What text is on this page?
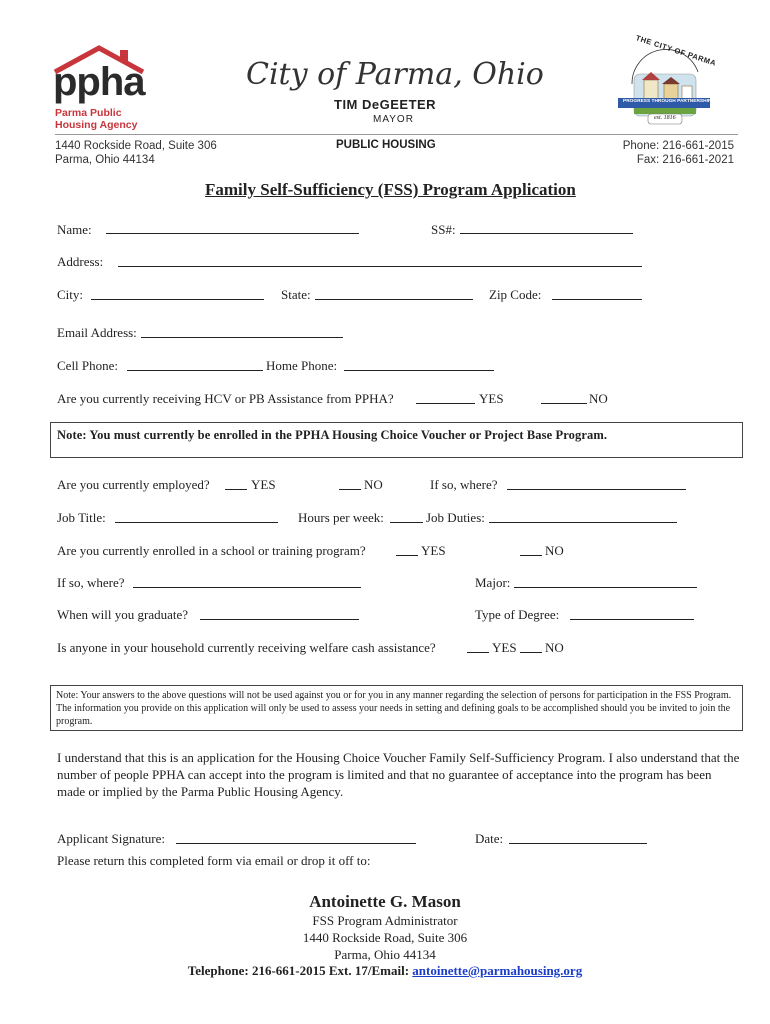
ppha
Parma Public
Housing Agency
City of Parma, Ohio
TIM DeGEETER
MAYOR
THE CITY OF PARMA
PROGRESS THROUGH PARTNERSHIPS
est. 1816
1440 Rockside Road, Suite 306
Parma, Ohio 44134
PUBLIC HOUSING	Phone: 216-661-2015
Fax: 216-661-2021
Family Self-Sufficiency (FSS) Program Application
Name:	SS#:
Address:
City:	State:	Zip Code:
Email Address:
Cell Phone:	Home Phone:
Are you currently receiving HCV or PB Assistance from PPHA?	YES	NO
Note: You must currently be enrolled in the PPHA Housing Choice Voucher or Project Base Program.
Are you currently employed?	YES	NO	If so, where?
Job Title:	Hours per week:	Job Duties:
Are you currently enrolled in a school or training program?	YES	NO
If so, where?	Major:
When will you graduate?	Type of Degree:
Is anyone in your household currently receiving welfare cash assistance?	YES NO
Note: Your answers to the above questions will not be used against you or for you in any manner regarding the selection of persons for participation in the FSS Program. The information you provide on this application will only be used to assess your needs in setting and defining goals to be accomplished should you be invited to join the program.
I understand that this is an application for the Housing Choice Voucher Family Self-Sufficiency Program. I also understand that the number of people PPHA can accept into the program is limited and that no guarantee of acceptance into the program has been made or implied by the Parma Public Housing Agency.
Applicant Signature:	Date:
Please return this completed form via email or drop it off to:
Antoinette G. Mason
FSS Program Administrator
1440 Rockside Road, Suite 306
Parma, Ohio 44134
Telephone: 216-661-2015 Ext. 17/Email: antoinette@parmahousing.org
